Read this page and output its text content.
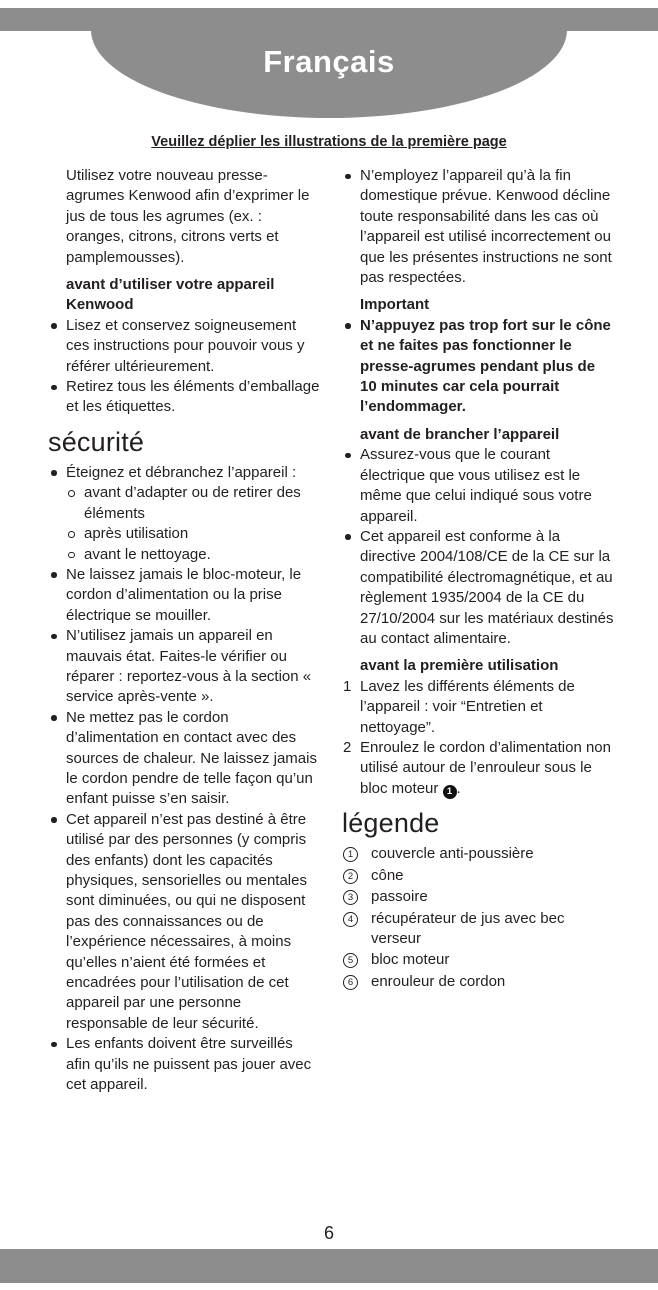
Français
Veuillez déplier les illustrations de la première page

Utilisez votre nouveau presse-agrumes Kenwood afin d’exprimer le jus de tous les agrumes (ex. : oranges, citrons, citrons verts et pamplemousses).

avant d’utiliser votre appareil Kenwood

Lisez et conservez soigneusement ces instructions pour pouvoir vous y référer ultérieurement.
Retirez tous les éléments d’emballage et les étiquettes.
sécurité
Éteignez et débranchez l’appareil :
avant d’adapter ou de retirer des éléments
après utilisation
avant le nettoyage.
Ne laissez jamais le bloc-moteur, le cordon d’alimentation ou la prise électrique se mouiller.
N’utilisez jamais un appareil en mauvais état. Faites-le vérifier ou réparer : reportez-vous à la section « service après-vente ».
Ne mettez pas le cordon d’alimentation en contact avec des sources de chaleur. Ne laissez jamais le cordon pendre de telle façon qu’un enfant puisse s’en saisir.
Cet appareil n’est pas destiné à être utilisé par des personnes (y compris des enfants) dont les capacités physiques, sensorielles ou mentales sont diminuées, ou qui ne disposent pas des connaissances ou de l’expérience nécessaires, à moins qu’elles n’aient été formées et encadrées pour l’utilisation de cet appareil par une personne responsable de leur sécurité.
Les enfants doivent être surveillés afin qu’ils ne puissent pas jouer avec cet appareil.
N’employez l’appareil qu’à la fin domestique prévue. Kenwood décline toute responsabilité dans les cas où l’appareil est utilisé incorrectement ou que les présentes instructions ne sont pas respectées.

Important

N’appuyez pas trop fort sur le cône et ne faites pas fonctionner le presse-agrumes pendant plus de 10 minutes car cela pourrait l’endommager.

avant de brancher l’appareil

Assurez-vous que le courant électrique que vous utilisez est le même que celui indiqué sous votre appareil.
Cet appareil est conforme à la directive 2004/108/CE de la CE sur la compatibilité électromagnétique, et au règlement 1935/2004 de la CE du 27/10/2004 sur les matériaux destinés au contact alimentaire.

avant la première utilisation

1 Lavez les différents éléments de l’appareil : voir “Entretien et nettoyage”.
2 Enroulez le cordon d’alimentation non utilisé autour de l’enrouleur sous le bloc moteur 1 .
légende
1	couvercle anti-poussière
2	cône
3	passoire
4	récupérateur de jus avec bec verseur
5	bloc moteur
6	enrouleur de cordon
6
